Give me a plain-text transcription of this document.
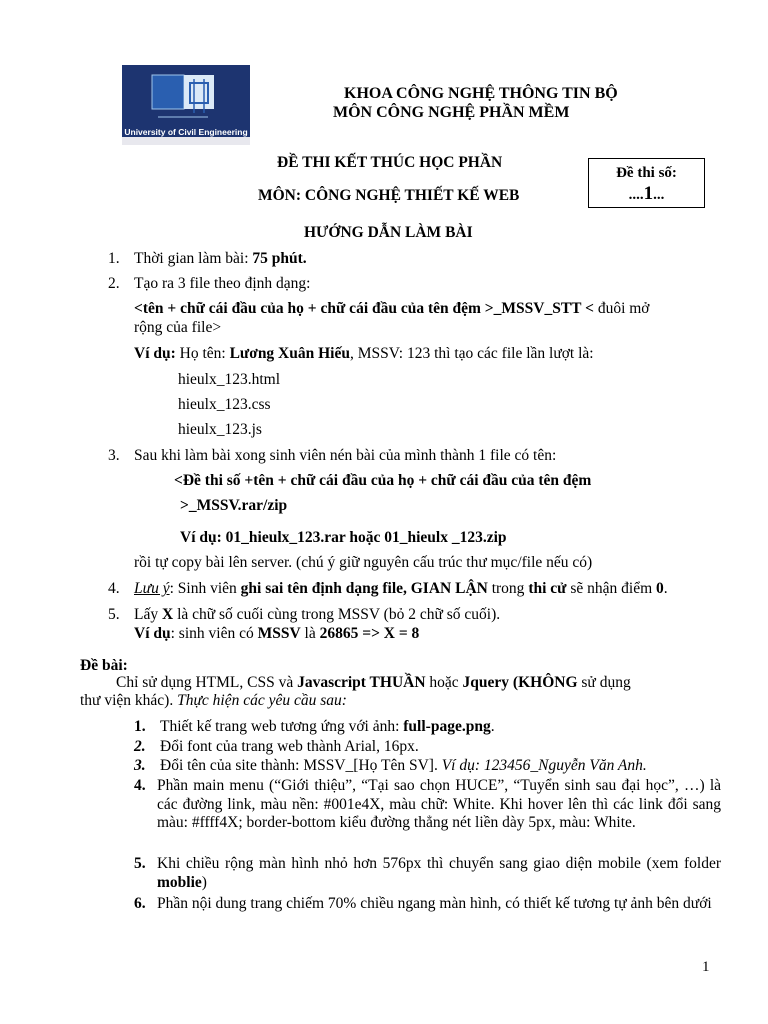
University of Civil Engineering
KHOA CÔNG NGHỆ THÔNG TIN BỘ
MÔN CÔNG NGHỆ PHẦN MỀM
ĐỀ THI KẾT THÚC HỌC PHẦN
MÔN: CÔNG NGHỆ THIẾT KẾ WEB
Đề thi số:
....1...
HƯỚNG DẪN LÀM BÀI
1. Thời gian làm bài: 75 phút.
2. Tạo ra 3 file theo định dạng:
<tên + chữ cái đầu của họ + chữ cái đầu của tên đệm >_MSSV_STT < đuôi mở
rộng của file>
Ví dụ: Họ tên: Lương Xuân Hiếu, MSSV: 123 thì tạo các file lần lượt là:
hieulx_123.html
hieulx_123.css
hieulx_123.js
3. Sau khi làm bài xong sinh viên nén bài của mình thành 1 file có tên:
<Đề thi số +tên + chữ cái đầu của họ + chữ cái đầu của tên đệm
>_MSSV.rar/zip
Ví dụ: 01_hieulx_123.rar hoặc 01_hieulx _123.zip
rồi tự copy bài lên server. (chú ý giữ nguyên cấu trúc thư mục/file nếu có)
4. Lưu ý: Sinh viên ghi sai tên định dạng file, GIAN LẬN trong thi cử sẽ nhận điểm 0.
5. Lấy X là chữ số cuối cùng trong MSSV (bỏ 2 chữ số cuối).
Ví dụ: sinh viên có MSSV là 26865 => X = 8
Đề bài:
Chỉ sử dụng HTML, CSS và Javascript THUẦN hoặc Jquery (KHÔNG sử dụng
thư viện khác). Thực hiện các yêu cầu sau:
1. Thiết kế trang web tương ứng với ảnh: full-page.png.
2. Đổi font của trang web thành Arial, 16px.
3. Đổi tên của site thành: MSSV_[Họ Tên SV]. Ví dụ: 123456_Nguyễn Văn Anh.
4. Phần main menu (“Giới thiệu”, “Tại sao chọn HUCE”, “Tuyển sinh sau đại học”, …) là các đường link, màu nền: #001e4X, màu chữ: White. Khi hover lên thì các link đổi sang màu: #ffff4X; border-bottom kiểu đường thẳng nét liền dày 5px, màu: White.
5. Khi chiều rộng màn hình nhỏ hơn 576px thì chuyển sang giao diện mobile (xem folder moblie)
6. Phần nội dung trang chiếm 70% chiều ngang màn hình, có thiết kế tương tự ảnh bên dưới
1
